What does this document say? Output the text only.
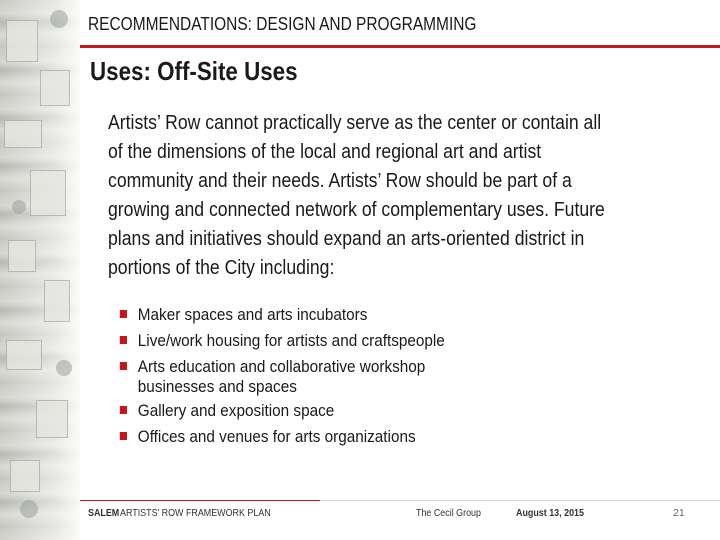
RECOMMENDATIONS: DESIGN AND PROGRAMMING
Uses: Off-Site Uses
Artists’ Row cannot practically serve as the center or contain all
of the dimensions of the local and regional art and artist
community and their needs. Artists’ Row should be part of a
growing and connected network of complementary uses. Future
plans and initiatives should expand an arts-oriented district in
portions of the City including:
Maker spaces and arts incubators
Live/work housing for artists and craftspeople
Arts education and collaborative workshop
businesses and spaces
Gallery and exposition space
Offices and venues for arts organizations
SALEM ARTISTS’ ROW FRAMEWORK PLAN	The Cecil Group	August 13, 2015	21
